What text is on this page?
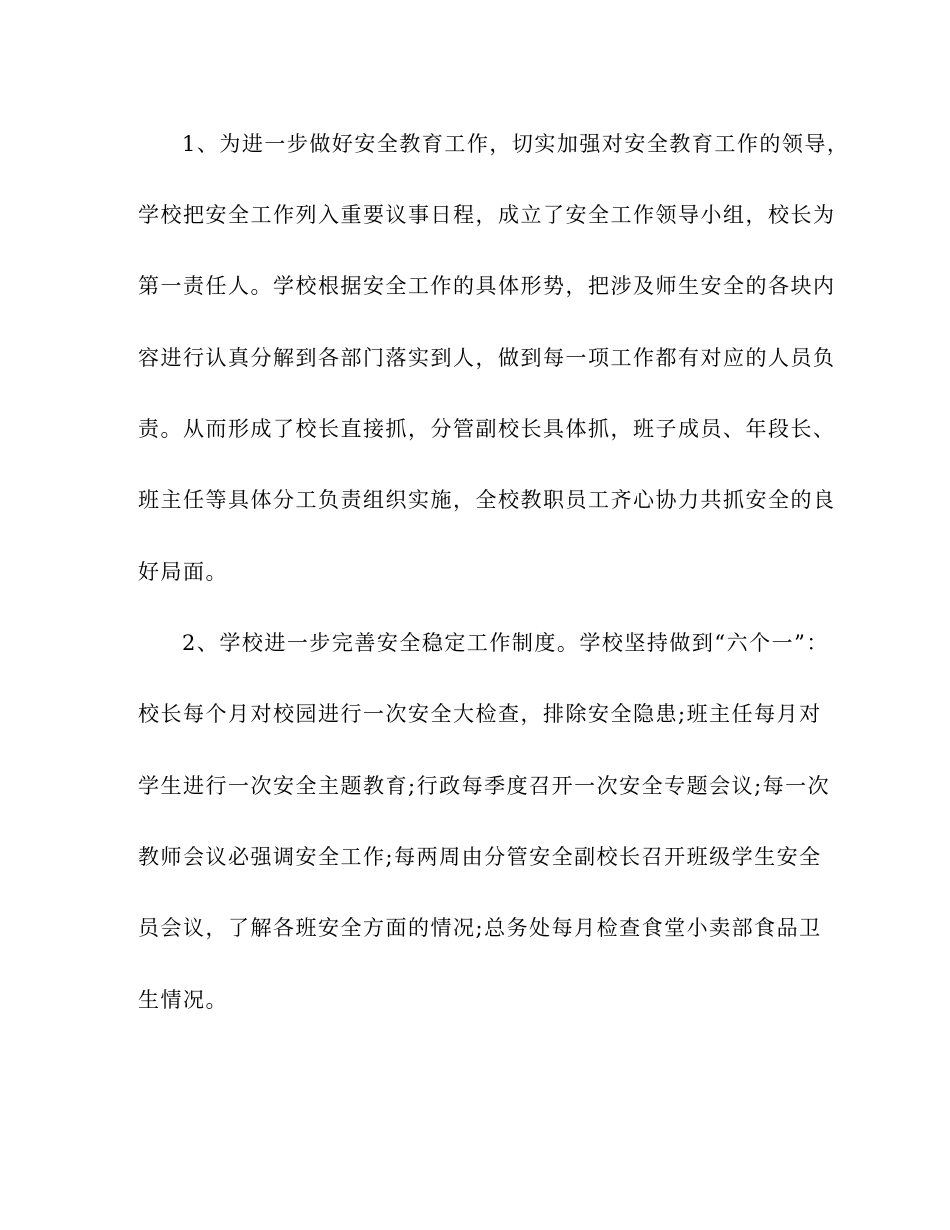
1、为进一步做好安全教育工作，切实加强对安全教育工作的领导，
学校把安全工作列入重要议事日程，成立了安全工作领导小组，校长为
第一责任人。学校根据安全工作的具体形势，把涉及师生安全的各块内
容进行认真分解到各部门落实到人，做到每一项工作都有对应的人员负
责。从而形成了校长直接抓，分管副校长具体抓，班子成员、年段长、
班主任等具体分工负责组织实施，全校教职员工齐心协力共抓安全的良
好局面。
2、学校进一步完善安全稳定工作制度。学校坚持做到“六个一”：
校长每个月对校园进行一次安全大检查，排除安全隐患;班主任每月对
学生进行一次安全主题教育;行政每季度召开一次安全专题会议;每一次
教师会议必强调安全工作;每两周由分管安全副校长召开班级学生安全
员会议，了解各班安全方面的情况;总务处每月检查食堂小卖部食品卫
生情况。
